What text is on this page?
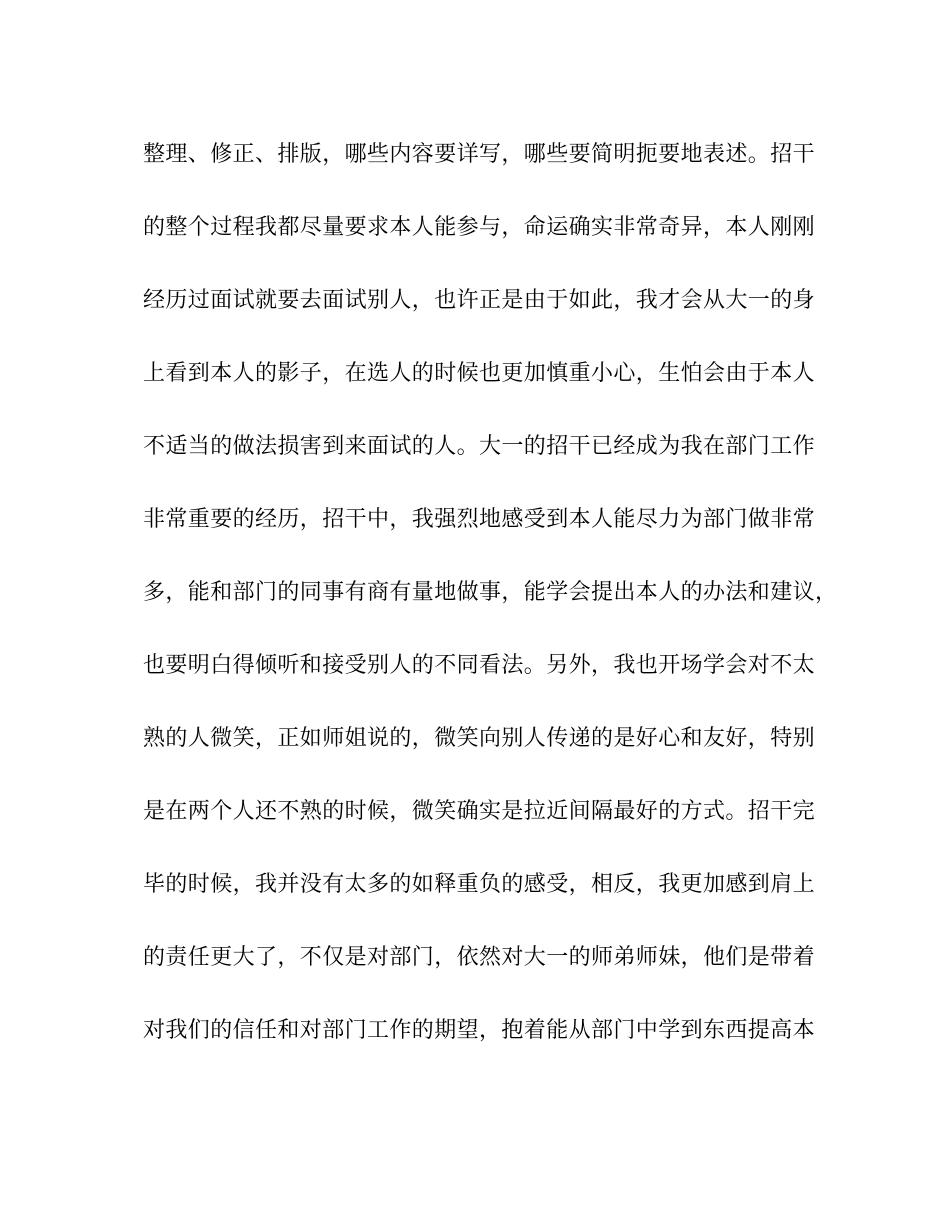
整理、修正、排版，哪些内容要详写，哪些要简明扼要地表述。招干
的整个过程我都尽量要求本人能参与，命运确实非常奇异，本人刚刚
经历过面试就要去面试别人，也许正是由于如此，我才会从大一的身
上看到本人的影子，在选人的时候也更加慎重小心，生怕会由于本人
不适当的做法损害到来面试的人。大一的招干已经成为我在部门工作
非常重要的经历，招干中，我强烈地感受到本人能尽力为部门做非常
多，能和部门的同事有商有量地做事，能学会提出本人的办法和建议，
也要明白得倾听和接受别人的不同看法。另外，我也开场学会对不太
熟的人微笑，正如师姐说的，微笑向别人传递的是好心和友好，特别
是在两个人还不熟的时候，微笑确实是拉近间隔最好的方式。招干完
毕的时候，我并没有太多的如释重负的感受，相反，我更加感到肩上
的责任更大了，不仅是对部门，依然对大一的师弟师妹，他们是带着
对我们的信任和对部门工作的期望，抱着能从部门中学到东西提高本
